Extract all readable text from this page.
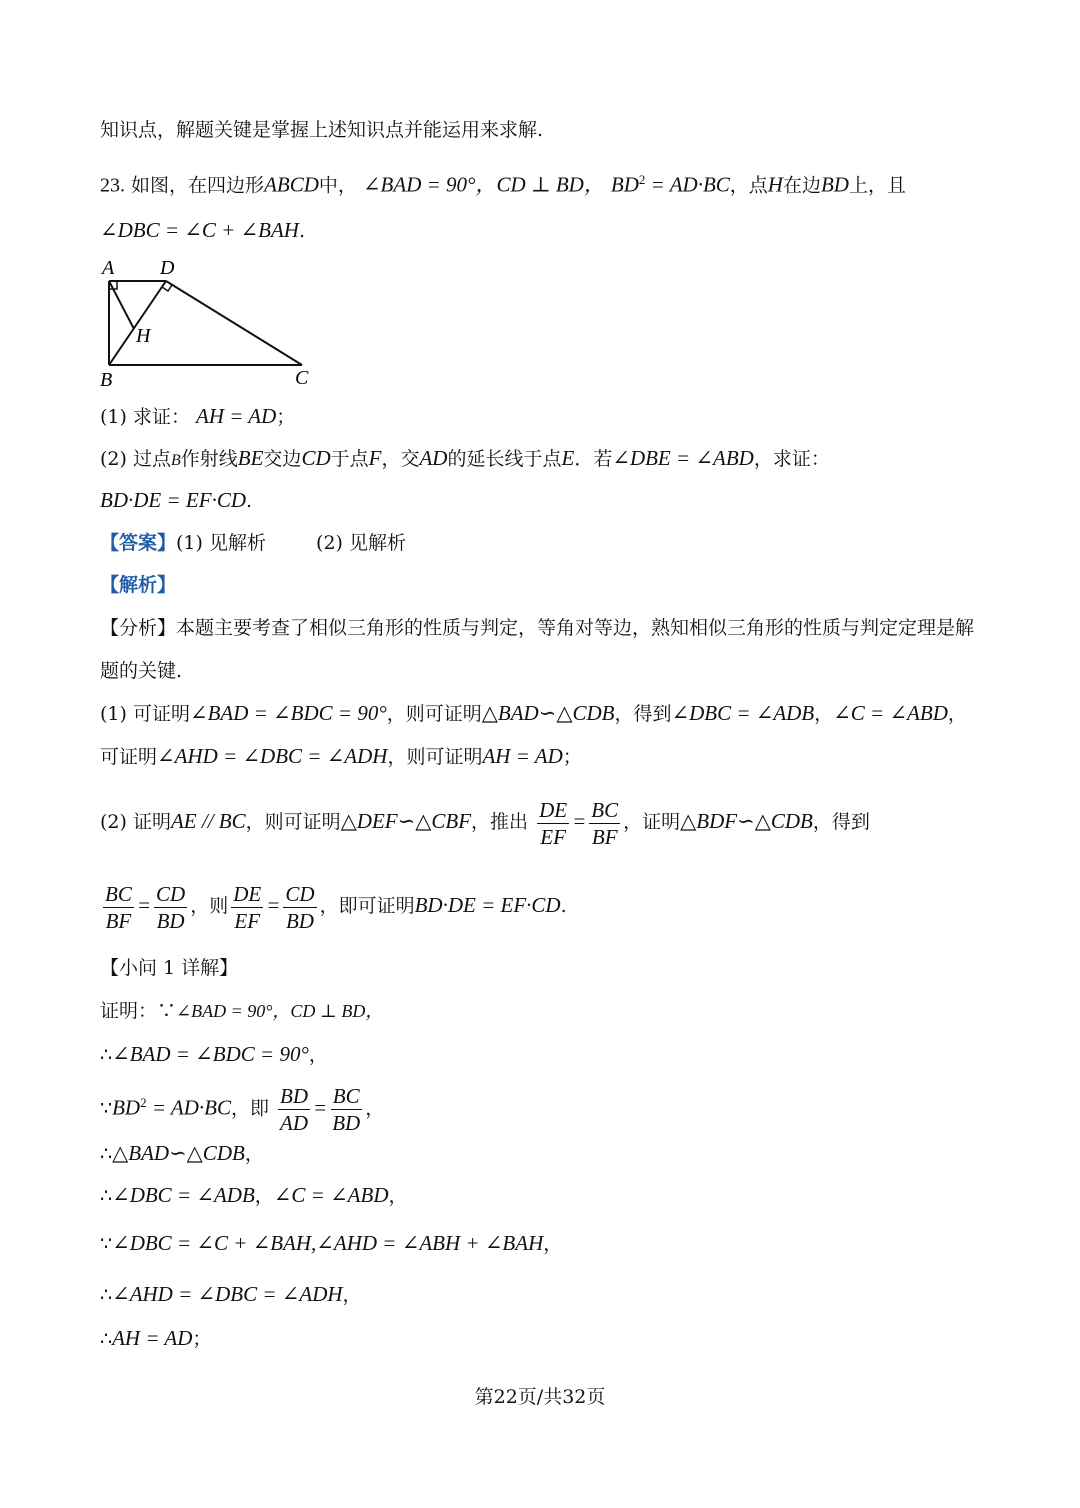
知识点，解题关键是掌握上述知识点并能运用来求解.
23. 如图，在四边形ABCD中， ∠BAD = 90°，CD ⊥ BD， $BD^2 = AD\cdot BC$，点H在边BD上，且
∠DBC = ∠C + ∠BAH.
A D
H
B	C
(1) 求证： AH = AD；
(2) 过点B作射线BE交边CD于点F，交AD的延长线于点E．若∠DBE = ∠ABD，求证：
BD·DE = EF·CD.
【答案】(1) 见解析	(2) 见解析
【解析】
【分析】本题主要考查了相似三角形的性质与判定，等角对等边，熟知相似三角形的性质与判定定理是解
题的关键.
(1) 可证明∠BAD = ∠BDC = 90°，则可证明△BAD∽△CDB，得到∠DBC = ∠ADB，∠C = ∠ABD，
可证明∠AHD = ∠DBC = ∠ADH，则可证明AH = AD；
(2) 证明AE // BC，则可证明△DEF∽△CBF，推出 $\frac{DE}{EF} = \frac{BC}{BF}$ ，证明△BDF∽△CDB，得到
$\frac{BC}{BF} = \frac{CD}{BD}$ ，则 $\frac{DE}{EF} = \frac{CD}{BD}$ ，即可证明BD·DE = EF·CD.
【小问 1 详解】
证明：∵∠BAD = 90°，CD ⊥ BD，
∴∠BAD = ∠BDC = 90°，
$\because BD^2 = AD\cdot BC$，即 $\frac{BD}{AD} = \frac{BC}{BD}$ ，
∴△BAD∽△CDB，
∴∠DBC = ∠ADB，∠C = ∠ABD，
∵∠DBC = ∠C + ∠BAH,∠AHD = ∠ABH + ∠BAH，
∴∠AHD = ∠DBC = ∠ADH，
∴AH = AD；
第22页/共32页
